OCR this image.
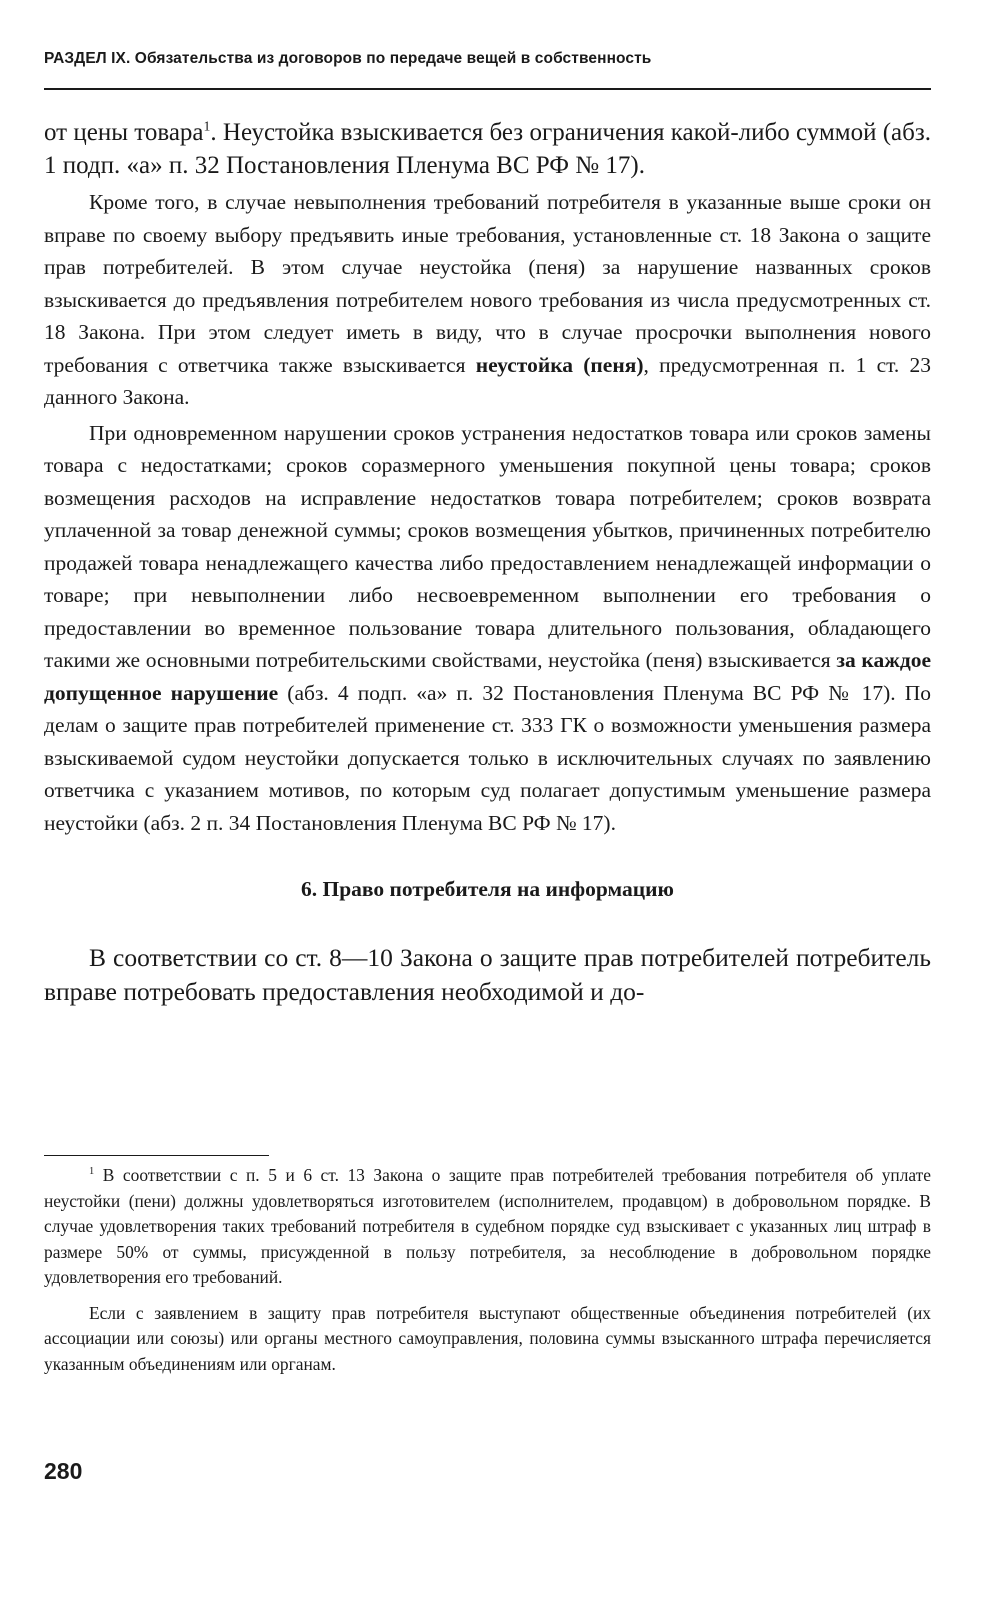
РАЗДЕЛ IX. Обязательства из договоров по передаче вещей в собственность

от цены товара$^1$. Неустойка взыскивается без ограничения какой-либо суммой (абз. 1 подп. «а» п. 32 Постановления Пленума ВС РФ № 17).

Кроме того, в случае невыполнения требований потребителя в указанные выше сроки он вправе по своему выбору предъявить иные требования, установленные ст. 18 Закона о защите прав потребителей. В этом случае неустойка (пеня) за нарушение названных сроков взыскивается до предъявления потребителем нового требования из числа предусмотренных ст. 18 Закона. При этом следует иметь в виду, что в случае просрочки выполнения нового требования с ответчика также взыскивается неустойка (пеня), предусмотренная п. 1 ст. 23 данного Закона.

При одновременном нарушении сроков устранения недостатков товара или сроков замены товара с недостатками; сроков соразмерного уменьшения покупной цены товара; сроков возмещения расходов на исправление недостатков товара потребителем; сроков возврата уплаченной за товар денежной суммы; сроков возмещения убытков, причиненных потребителю продажей товара ненадлежащего качества либо предоставлением ненадлежащей информации о товаре; при невыполнении либо несвоевременном выполнении его требования о предоставлении во временное пользование товара длительного пользования, обладающего такими же основными потребительскими свойствами, неустойка (пеня) взыскивается за каждое допущенное нарушение (абз. 4 подп. «а» п. 32 Постановления Пленума ВС РФ № 17). По делам о защите прав потребителей применение ст. 333 ГК о возможности уменьшения размера взыскиваемой судом неустойки допускается только в исключительных случаях по заявлению ответчика с указанием мотивов, по которым суд полагает допустимым уменьшение размера неустойки (абз. 2 п. 34 Постановления Пленума ВС РФ № 17).

6. Право потребителя на информацию

В соответствии со ст. 8—10 Закона о защите прав потребителей потребитель вправе потребовать предоставления необходимой и до-

$^1$ В соответствии с п. 5 и 6 ст. 13 Закона о защите прав потребителей требования потребителя об уплате неустойки (пени) должны удовлетворяться изготовителем (исполнителем, продавцом) в добровольном порядке. В случае удовлетворения таких требований потребителя в судебном порядке суд взыскивает с указанных лиц штраф в размере 50% от суммы, присужденной в пользу потребителя, за несоблюдение в добровольном порядке удовлетворения его требований.

Если с заявлением в защиту прав потребителя выступают общественные объединения потребителей (их ассоциации или союзы) или органы местного самоуправления, половина суммы взысканного штрафа перечисляется указанным объединениям или органам.

280
